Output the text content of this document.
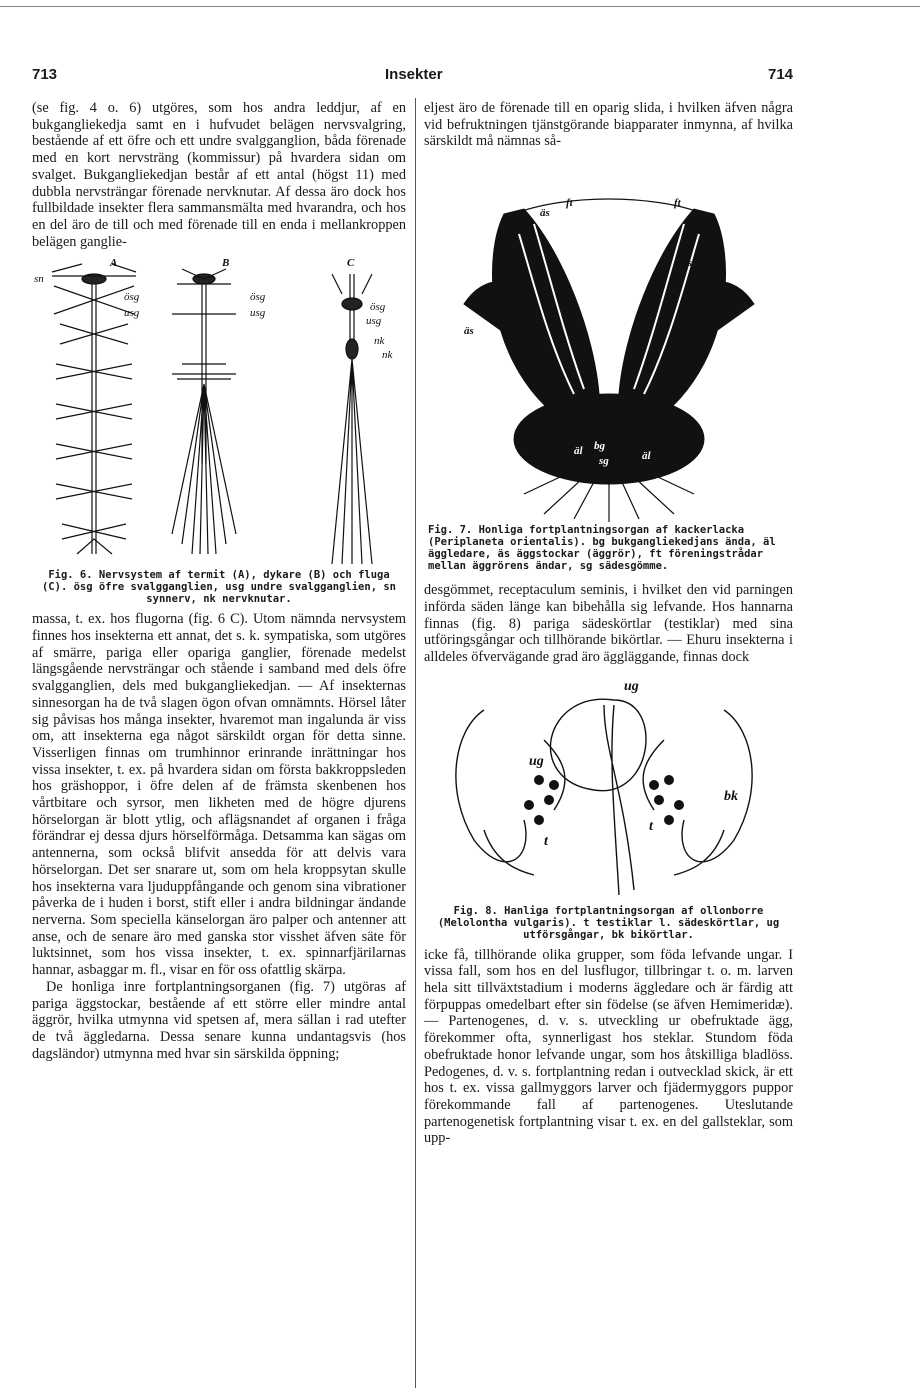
713	Insekter	714

(se fig. 4 o. 6) utgöres, som hos andra leddjur, af en bukgangliekedja samt en i hufvudet belägen nervsvalgring, bestående af ett öfre och ett undre svalgganglion, båda förenade med en kort nervsträng (kommissur) på hvardera sidan om svalget. Bukgangliekedjan består af ett antal (högst 11) med dubbla nervsträngar förenade nervknutar. Af dessa äro dock hos fullbildade insekter flera sammansmälta med hvarandra, och hos en del äro de till och med förenade till en enda i mellankroppen belägen ganglie-

A	B	C
sn
ösg
usg
ösg
usg	ösg
usg
nk
nk
Fig. 6. Nervsystem af termit (A), dykare (B) och fluga (C). ösg öfre svalgganglien, usg undre svalgganglien, sn synnerv, nk nervknutar.

massa, t. ex. hos flugorna (fig. 6 C). Utom nämnda nervsystem finnes hos insekterna ett annat, det s. k. sympatiska, som utgöres af smärre, pariga eller opariga ganglier, förenade medelst längsgående nervsträngar och stående i samband med dels öfre svalgganglien, dels med bukgangliekedjan. — Af insekternas sinnesorgan ha de två slagen ögon ofvan omnämnts. Hörsel låter sig påvisas hos många insekter, hvaremot man ingalunda är viss om, att insekterna ega något särskildt organ för detta sinne. Visserligen finnas om trumhinnor erinrande inrättningar hos vissa insekter, t. ex. på hvardera sidan om första bakkroppsleden hos gräshoppor, i öfre delen af de främsta skenbenen hos vårtbitare och syrsor, men likheten med de högre djurens hörselorgan är blott ytlig, och aflägsnandet af organen i fråga förändrar ej dessa djurs hörselförmåga. Detsamma kan sägas om antennerna, som också blifvit ansedda för att delvis vara hörselorgan. Det ser snarare ut, som om hela kroppsytan skulle hos insekterna vara ljuduppfångande och genom sina vibrationer påverka de i huden i borst, stift eller i andra bildningar ändande nerverna. Som speciella känselorgan äro palper och antenner att anse, och de senare äro med ganska stor visshet äfven säte för luktsinnet, som hos vissa insekter, t. ex. spinnarfjärilarnas hannar, asbaggar m. fl., visar en för oss ofattlig skärpa.

De honliga inre fortplantningsorganen (fig. 7) utgöras af pariga äggstockar, bestående af ett större eller mindre antal äggrör, hvilka utmynna vid spetsen af, mera sällan i rad utefter de två äggledarna. Dessa senare kunna undantagsvis (hos dagsländor) utmynna med hvar sin särskilda öppning;

eljest äro de förenade till en oparig slida, i hvilken äfven några vid befruktningen tjänstgörande biapparater inmynna, af hvilka särskildt må nämnas så-

ft	ft
äs
äs
äs
äs
bg
äl	äl
sg
Fig. 7. Honliga fortplantningsorgan af kackerlacka (Periplaneta orientalis). bg bukgangliekedjans ända, äl äggledare, äs äggstockar (äggrör), ft föreningstrådar mellan äggrörens ändar, sg sädesgömme.

desgömmet, receptaculum seminis, i hvilket den vid parningen införda säden länge kan bibehålla sig lefvande. Hos hannarna finnas (fig. 8) pariga sädeskörtlar (testiklar) med sina utföringsgångar och tillhörande bikörtlar. — Ehuru insekterna i alldeles öfvervägande grad äro äggläggande, finnas dock

ug
ug
bk
t
t
Fig. 8. Hanliga fortplantningsorgan af ollonborre (Melolontha vulgaris). t testiklar l. sädeskörtlar, ug utförsgångar, bk bikörtlar.

icke få, tillhörande olika grupper, som föda lefvande ungar. I vissa fall, som hos en del lusflugor, tillbringar t. o. m. larven hela sitt tillväxtstadium i moderns äggledare och är färdig att förpuppas omedelbart efter sin födelse (se äfven Hemimeridæ). — Partenogenes, d. v. s. utveckling ur obefruktade ägg, förekommer ofta, synnerligast hos steklar. Stundom föda obefruktade honor lefvande ungar, som hos åtskilliga bladlöss. Pedogenes, d. v. s. fortplantning redan i outvecklad skick, är ett hos t. ex. vissa gallmyggors larver och fjädermyggors puppor förekommande fall af partenogenes. Uteslutande partenogenetisk fortplantning visar t. ex. en del gallsteklar, som upp-
